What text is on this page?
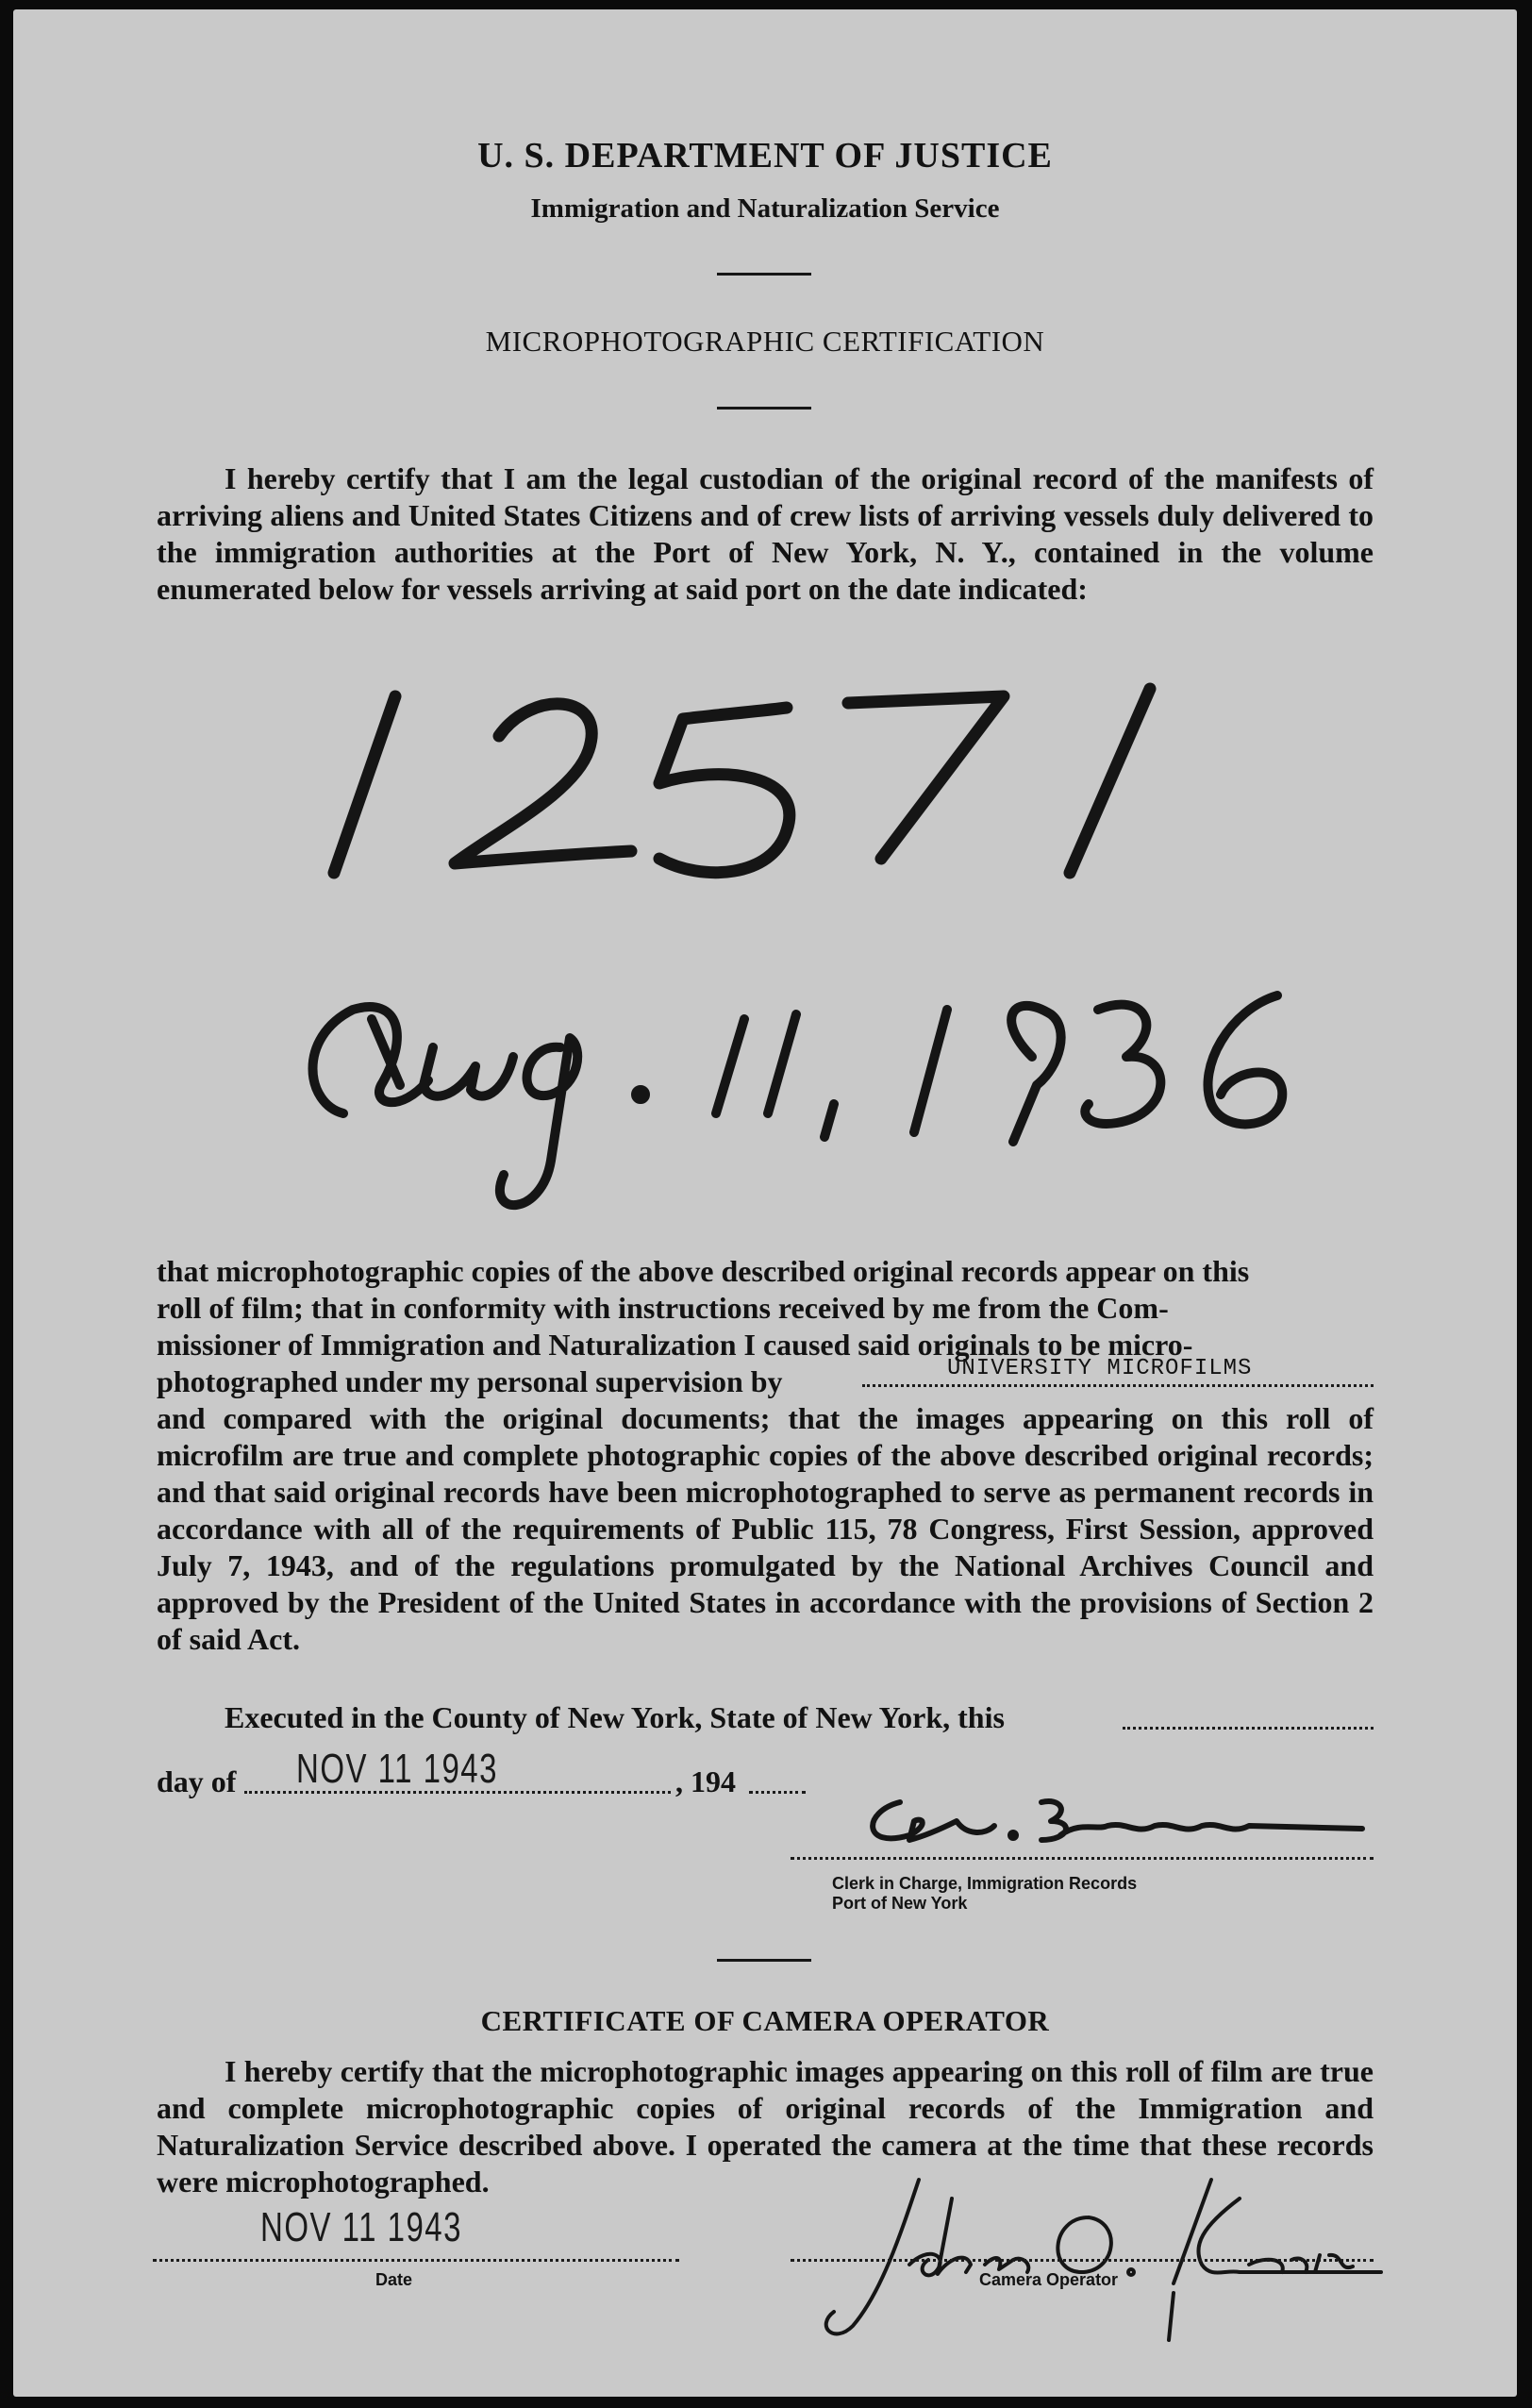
U. S. DEPARTMENT OF JUSTICE
Immigration and Naturalization Service
MICROPHOTOGRAPHIC CERTIFICATION
I hereby certify that I am the legal custodian of the original record of the manifests of arriving aliens and United States Citizens and of crew lists of arriving vessels duly delivered to the immigration authorities at the Port of New York, N. Y., contained in the volume enumerated below for vessels arriving at said port on the date indicated:
that microphotographic copies of the above described original records appear on this
roll of film; that in conformity with instructions received by me from the Com-
missioner of Immigration and Naturalization I caused said originals to be micro-
photographed under my personal supervision by	UNIVERSITY MICROFILMS
and compared with the original documents; that the images appearing on this roll of microfilm are true and complete photographic copies of the above described original records; and that said original records have been microphotographed to serve as permanent records in accordance with all of the requirements of Public 115, 78 Congress, First Session, approved July 7, 1943, and of the regulations promulgated by the National Archives Council and approved by the President of the United States in accordance with the provisions of Section 2 of said Act.
Executed in the County of New York, State of New York, this
day of NOV 11 1943	, 194
Clerk in Charge, Immigration Records
Port of New York
CERTIFICATE OF CAMERA OPERATOR
I hereby certify that the microphotographic images appearing on this roll of film are true and complete microphotographic copies of original records of the Immigration and Naturalization Service described above. I operated the camera at the time that these records were microphotographed.
NOV 11 1943
Date	Camera Operator
